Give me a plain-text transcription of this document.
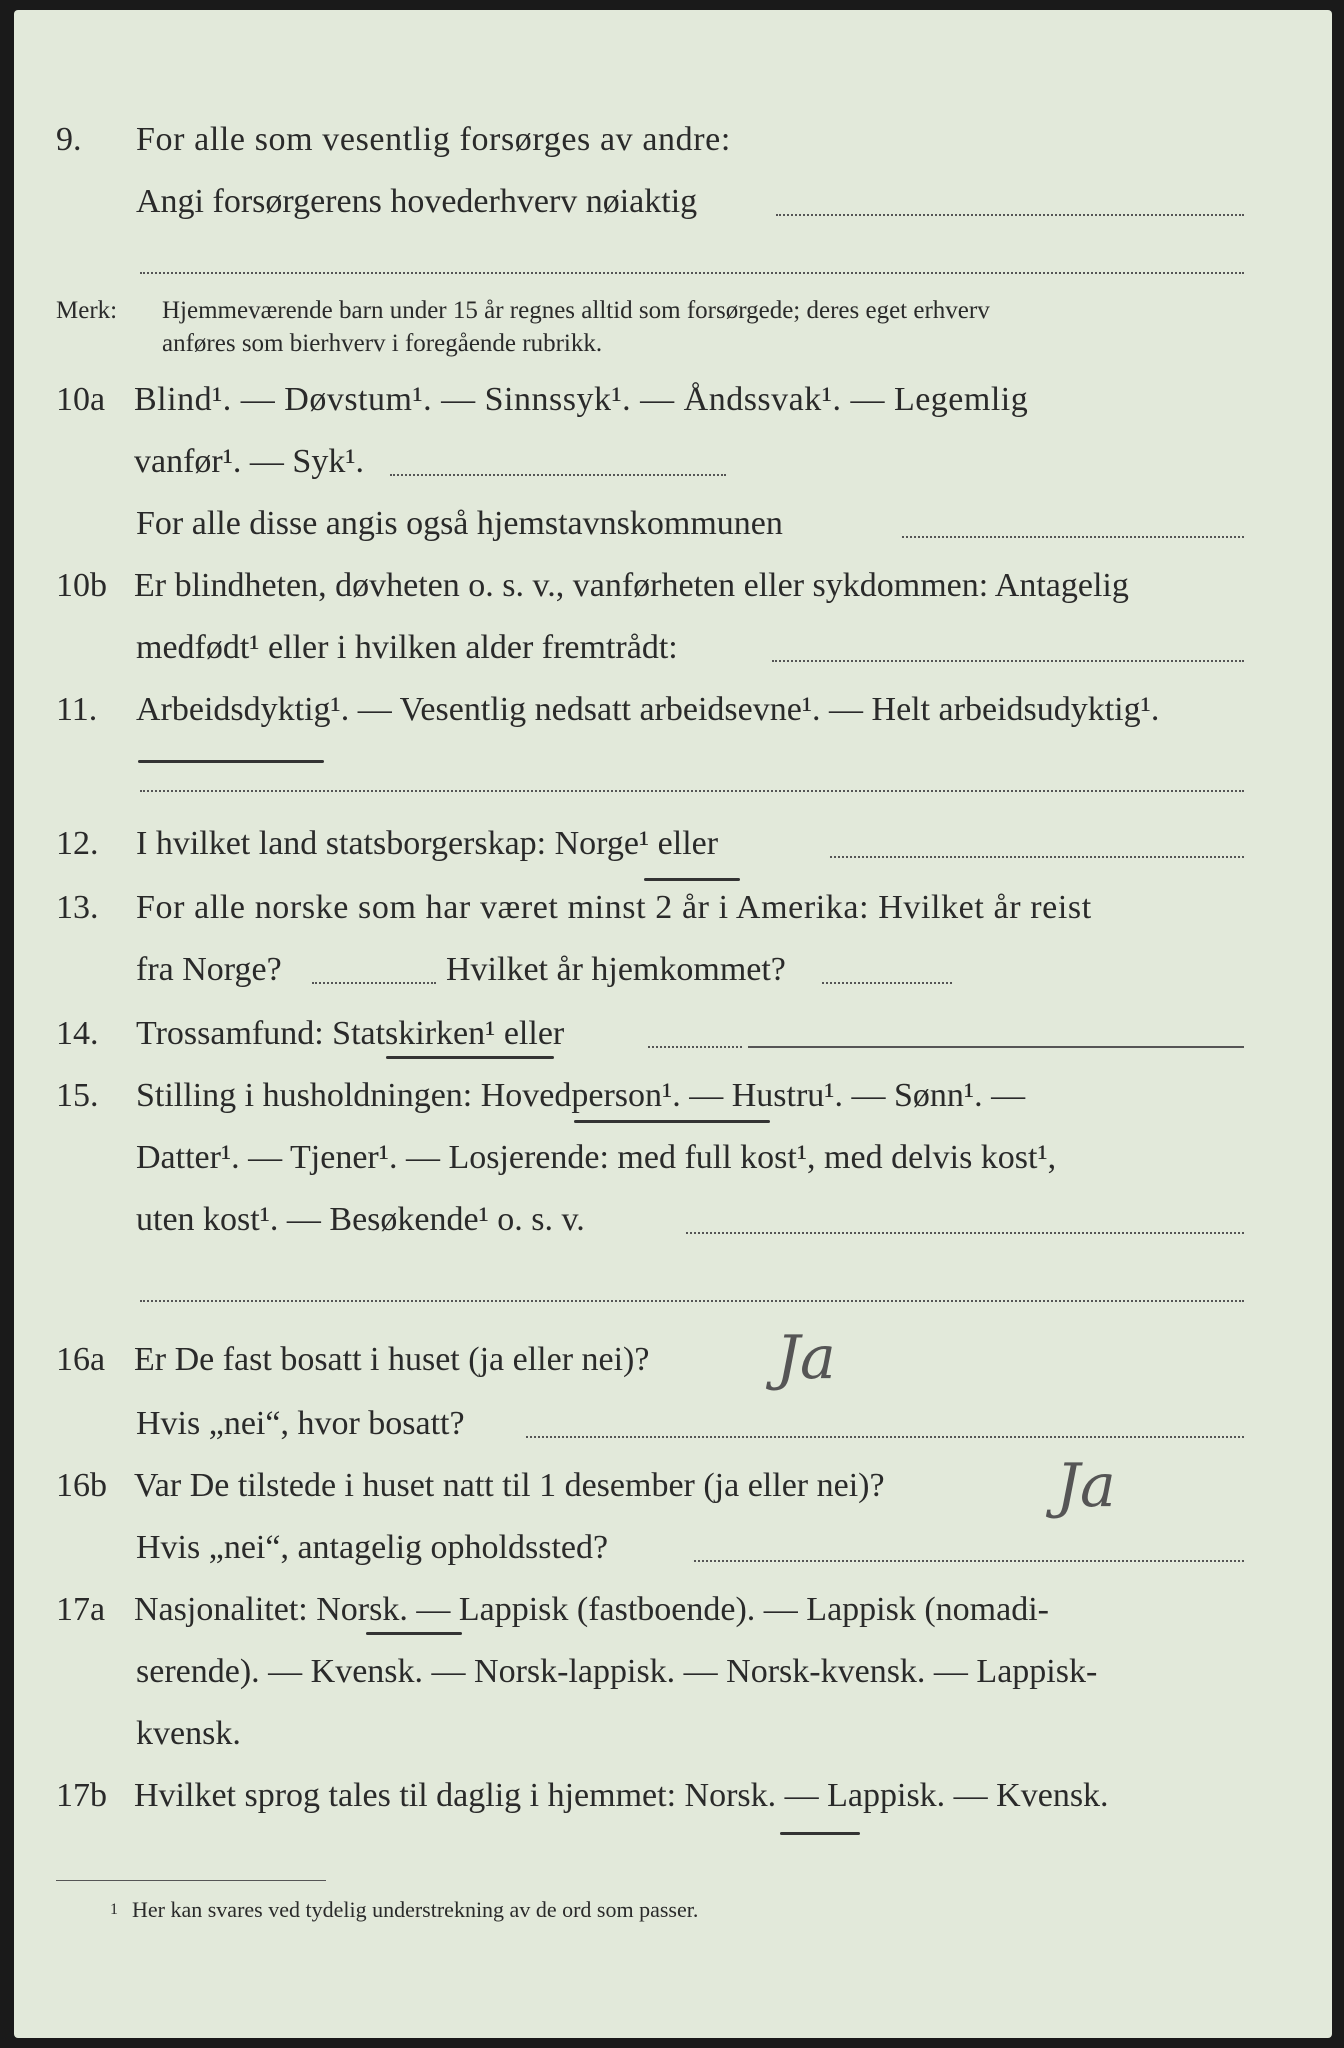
9. For alle som vesentlig forsørges av andre:
Angi forsørgerens hovederhverv nøiaktig
Merk: Hjemmeværende barn under 15 år regnes alltid som forsørgede; deres eget erhverv
anføres som bierhverv i foregående rubrikk.
10a Blind¹. — Døvstum¹. — Sinnssyk¹. — Åndssvak¹. — Legemlig
vanfør¹. — Syk¹.
For alle disse angis også hjemstavnskommunen
10b Er blindheten, døvheten o. s. v., vanførheten eller sykdommen: Antagelig
medfødt¹ eller i hvilken alder fremtrådt:
11. Arbeidsdyktig¹. — Vesentlig nedsatt arbeidsevne¹. — Helt arbeidsudyktig¹.
12. I hvilket land statsborgerskap: Norge¹ eller
13. For alle norske som har været minst 2 år i Amerika: Hvilket år reist
fra Norge?	Hvilket år hjemkommet?
14. Trossamfund: Statskirken¹ eller
15. Stilling i husholdningen: Hovedperson¹. — Hustru¹. — Sønn¹. —
Datter¹. — Tjener¹. — Losjerende: med full kost¹, med delvis kost¹,
uten kost¹. — Besøkende¹ o. s. v.
16a Er De fast bosatt i huset (ja eller nei)? Ja
Hvis „nei“, hvor bosatt?
16b Var De tilstede i huset natt til 1 desember (ja eller nei)?	Ja
Hvis „nei“, antagelig opholdssted?
17a Nasjonalitet: Norsk. — Lappisk (fastboende). — Lappisk (nomadi-
serende). — Kvensk. — Norsk-lappisk. — Norsk-kvensk. — Lappisk-
kvensk.
17b Hvilket sprog tales til daglig i hjemmet: Norsk. — Lappisk. — Kvensk.
1 Her kan svares ved tydelig understrekning av de ord som passer.
